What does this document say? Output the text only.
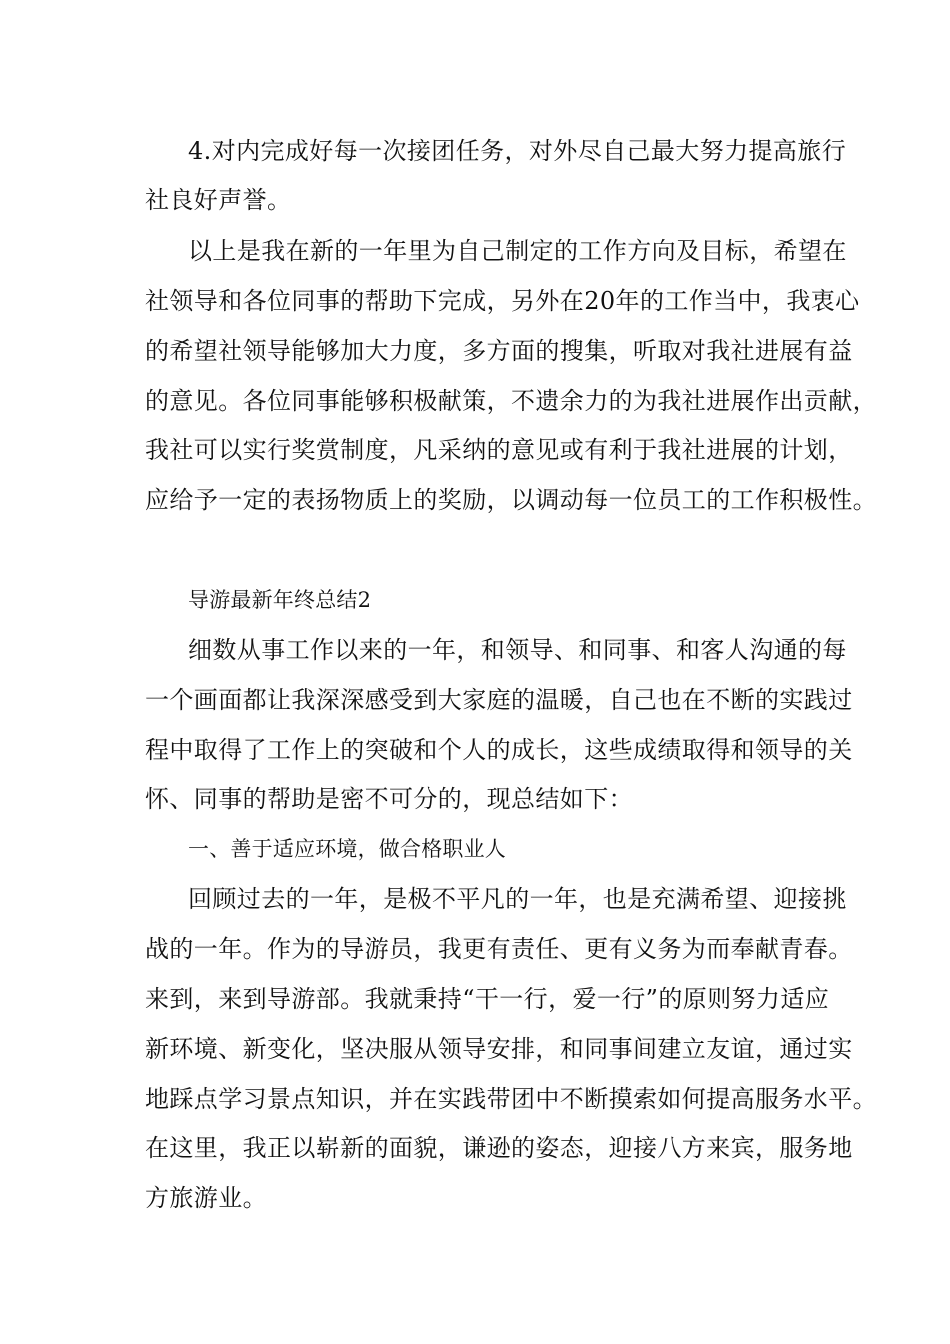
4.对内完成好每一次接团任务，对外尽自己最大努力提高旅行
社良好声誉。
以上是我在新的一年里为自己制定的工作方向及目标，希望在
社领导和各位同事的帮助下完成，另外在20年的工作当中，我衷心
的希望社领导能够加大力度，多方面的搜集，听取对我社进展有益
的意见。各位同事能够积极献策，不遗余力的为我社进展作出贡献，
我社可以实行奖赏制度，凡采纳的意见或有利于我社进展的计划，
应给予一定的表扬物质上的奖励，以调动每一位员工的工作积极性。
导游最新年终总结2
细数从事工作以来的一年，和领导、和同事、和客人沟通的每
一个画面都让我深深感受到大家庭的温暖，自己也在不断的实践过
程中取得了工作上的突破和个人的成长，这些成绩取得和领导的关
怀、同事的帮助是密不可分的，现总结如下：
一、善于适应环境，做合格职业人
回顾过去的一年，是极不平凡的一年，也是充满希望、迎接挑
战的一年。作为的导游员，我更有责任、更有义务为而奉献青春。
来到，来到导游部。我就秉持“干一行，爱一行”的原则努力适应
新环境、新变化，坚决服从领导安排，和同事间建立友谊，通过实
地踩点学习景点知识，并在实践带团中不断摸索如何提高服务水平。
在这里，我正以崭新的面貌，谦逊的姿态，迎接八方来宾，服务地
方旅游业。
